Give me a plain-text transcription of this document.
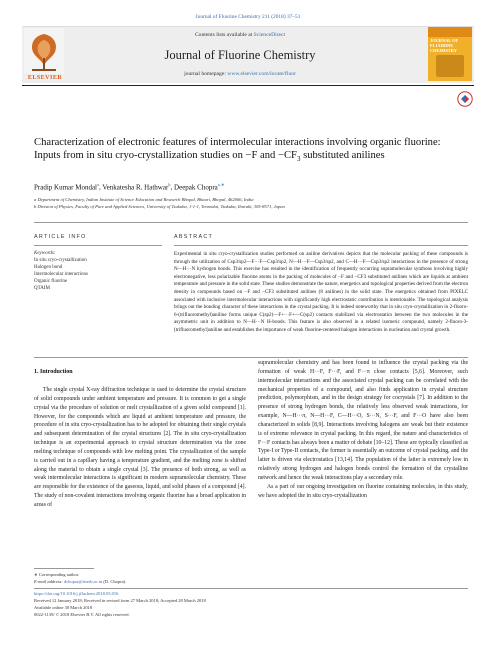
Journal of Fluorine Chemistry 211 (2018) 37–51
ELSEVIER
Contents lists available at ScienceDirect
Journal of Fluorine Chemistry
journal homepage: www.elsevier.com/locate/fluor
JOURNAL OF FLUORINE CHEMISTRY
Characterization of electronic features of intermolecular interactions involving organic fluorine: Inputs from in situ cryo-crystallization studies on −F and $-CF_3$ substituted anilines
Pradip Kumar Mondal$^a$, Venkatesha R. Hathwar$^b$, Deepak Chopra$^{a,∗}$
a Department of Chemistry, Indian Institute of Science Education and Research Bhopal, Bhauri, Bhopal, 462066, India
b Division of Physics, Faculty of Pure and Applied Sciences, University of Tsukuba, 1-1-1, Tennodai, Tsukuba, Ibaraki, 305-8571, Japan
ARTICLE INFO	ABSTRACT
Keywords:
In situ cryo-crystallization
Halogen bond
Intermolecular interactions
Organic fluorine
QTAIM
Experimental in situ cryo-crystallization studies performed on aniline derivatives depicts that the molecular packing of these compounds is through the utilization of Csp3/sp2—F···F—Csp3/sp2, N—H···F—Csp3/sp2, and C—H···F—Csp3/sp2 interactions in the presence of strong N—H···N hydrogen bonds. This exercise has resulted in the identification of frequently occurring supramolecular synthons involving highly electronegative, less polarizable fluorine atoms in the packing of molecules of −F and −CF3 substituted anilines which are liquids at ambient temperature and pressure in the solid state. These studies demonstrate the nature, energetics and topological properties derived from the electron density in compounds based on −F and −CF3 substituted anilines (8 anilines) in the solid state. The energetics obtained from PIXELC associated with inclusive intermolecular interactions with significantly high electrostatic contribution is mentionable. The topological analysis brings out the bonding character of these interactions in the crystal packing. It is indeed noteworthy that in situ cryo-crystallization in 2-fluoro-6-(trifluoromethyl)aniline forms unique C(sp2)—F+···F+—C(sp2) contacts stabilized via electrostatics between the two molecules in the asymmetric unit in addition to N—H···N H-bonds. This feature is also observed in a related isomeric compound, namely 2-fluoro-3-(trifluoromethyl)aniline and establishes the importance of weak fluorine-centered halogen interactions in nucleation and crystal growth.
1. Introduction

The single crystal X-ray diffraction technique is used to determine the crystal structure of solid compounds under ambient temperature and pressure. It is common to get a single crystal via the procedure of solution or melt crystallization of a given solid compound [1]. However, for the compounds which are liquid at ambient temperature and pressure, the procedure of in situ cryo-crystallization has to be adopted for obtaining their single crystals and subsequent determination of the crystal structures [2]. The in situ cryo-crystallization technique is an experimental approach to crystal structure determination via the zone melting technique of compounds with low melting point. The crystallization of the sample is carried out in a capillary having a temperature gradient, and the melting zone is shifted along the material to obtain a single crystal [3]. The presence of both strong, as well as weak intermolecular interactions is significant in modern supramolecular chemistry. These are responsible for the existence of the gaseous, liquid, and solid phases of a compound [4]. The study of non-covalent interactions involving organic fluorine has a broad application in areas of

supramolecular chemistry and has been found to influence the crystal packing via the formation of weak H···F, F···F, and F···π close contacts [5,6]. Moreover, such intermolecular interactions and the associated crystal packing can be correlated with the mechanical properties of a compound, and also finds application in crystal structure prediction, polymorphism, and in the design strategy for cocrystals [7]. In addition to the presence of strong hydrogen bonds, the relatively less observed weak interactions, for example, N—H···π, N—H···F, C—H···O, S···N, S···F, and F···O have also been characterized in solids [8,9]. Interactions involving halogens are weak but their existence is of extreme relevance in crystal packing. In this regard, the nature and characteristics of F···F contacts has always been a matter of debate [10–12]. These are typically classified as Type-I or Type-II contacts, the former is essentially an outcome of crystal packing, and the latter is driven via electrostatics [13,14]. The population of the latter is extremely low in relatively strong hydrogen and halogen bonds control the formation of the crystalline network and hence the weak interactions play a secondary role.

As a part of our ongoing investigation on fluorine containing molecules, in this study, we have adopted the in situ cryo-crystallization

∗ Corresponding author.
E-mail address: dchopra@iiserb.ac.in (D. Chopra).
https://doi.org/10.1016/j.jfluchem.2018.03.016
Received 12 January 2018; Received in revised form 27 March 2018; Accepted 28 March 2018
Available online 30 March 2018
0022-1139/ © 2018 Elsevier B.V. All rights reserved.
